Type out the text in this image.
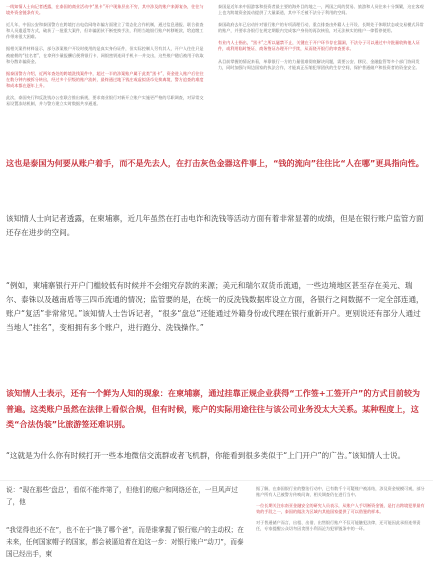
一线知情人士向记者透露，在泰国的商业活动中“黑卡”开户现象层出不穷，其中涉及的账户来源复杂，往往与境外资金链条有关。

近几年，中国公安和泰国警方在跨境打击电信网络诈骗方面建立了常态化合作机制，通过信息通报、联合侦查和人员遣返等方式，破获了一批重大案件，但诈骗团伙不断变换手法，利用当地银行账户转移赃款，给追缴工作带来很大困难。

据相关案件材料显示，部分涉案账户开设时使用的是真实身份证件，但实际控制人另有其人，开户人往往只是被雇佣的“挂名者”，在拿到少量报酬后便将银行卡、网银密钥连同手机卡一并交出，这些账户随后被用于收取和分散诈骗资金。

据泰国警方介绍，近两年查处的跨境洗钱案件中，超过一半的涉案账户属于此类“黑卡”，资金进入账户后往往在数分钟内被拆分转出，经过多个层级的账户流转，最终通过地下钱庄或虚拟货币兑换离境，警方追查的难度和成本都在逐年上升。

此次，泰国央行和反洗钱办公室联合推出新规，要求商业银行对新开立账户实施更严格的尽职调查，对异常交易设置冻结机制，并与警方建立实时数据共享通道。

泰国是近年来中国游客和投资者最主要的海外目的地之一，两国之间的贸易、旅游和人员往来十分频繁，这在客观上也为跨境资金流动提供了大量渠道，其中不乏被不法分子利用的空间。

泰国政府去年已启动针对银行账户的专项清理行动，重点排查由外籍人士开设、长期处于休眠状态或交易模式异常的账户，并要求各银行在规定期限内完成客户身份的再次核验，对无法核实的账户一律暂停使用。

有业内人士指出，“黑卡”之所以屡禁不止，关键在于开户环节存在漏洞，不法分子可以通过中介批量收购他人证件，或利用临时签证、商务签证办理开户手续，从而绕开银行的审查要求。

从目前掌握的情况来看，单靠银行一方的力量很难彻底解决问题，需要公安、移民、金融监管等多个部门协同发力，同时加强与周边国家的执法合作，才能真正压缩犯罪团伙的生存空间，保护普通储户和投资者的资金安全。

这也是泰国为何要从账户着手，而不是先去人，在打击灰色金器这件事上，“钱的流向”往往比“人在哪”更具指向性。

该知情人士向记者透露，在柬埔寨，近几年虽然在打击电诈和洗钱等活动方面有着非常显著的成绩，但是在银行账户监管方面还存在进步的空间。

“例如，柬埔寨银行开户门槛较低有时候并不会细究存款的来源；美元和瑞尔双货币流通，一些边境地区甚至存在美元、瑞尔、泰铢以及越南盾等三四币流通的情况；监管要的是，在统一的反洗钱数据库设立方面，各银行之间数据不一定全部连通，账户“复活”非常常见。”该知情人士告诉记者，“很多“盘总”还能通过外籍身份或代理在银行重新开户。更别说还有部分人通过当地人“挂名”，变相拥有多个账户，进行跑分、洗钱操作。”

该知情人士表示，还有一个鲜为人知的现象：在柬埔寨，通过挂靠正规企业获得“工作签+工签开户”的方式目前较为普遍。这类账户虽然在法律上看似合规，但有时候，账户的实际用途往往与该公司业务没太大关系。某种程度上，这类“合法伪装”比旅游签还难识别。

“这就是为什么你有时候打开一些本地微信交流群或者飞机群，你能看到很多类似于“上门开户”的广告。”该知情人士说。

说：“现在那些‘盘总’，看似不能炸第了，但他们的账户和网络还在，一旦风声过了，他

“我觉得也还不在”，也不在于“换了哪个爸”，而是谁掌握了银行账户的主动权；在未来，任何国家帽子的国家，都会被逼迫着在迫这一步：对银行账户“动刀”，而泰国已经出手，柬

据了解，在泰国银行业的整治行动中，已有数千个可疑账户被冻结，涉及资金规模可观，部分账户所有人已被警方传唤问询，相关调查仍在进行当中。

一位长期关注东南亚金融安全的研究人员表示，从账户入手切断资金链，是打击跨境犯罪最有效的手段之一，泰国的做法为区域内其他国家提供了可以借鉴的样本。

对于普通储户而言，出租、出借、出售银行账户不仅可能触犯法律，还可能因此承担连带责任，专家提醒公众切勿因贪图小利而沦为犯罪链条中的一环。
